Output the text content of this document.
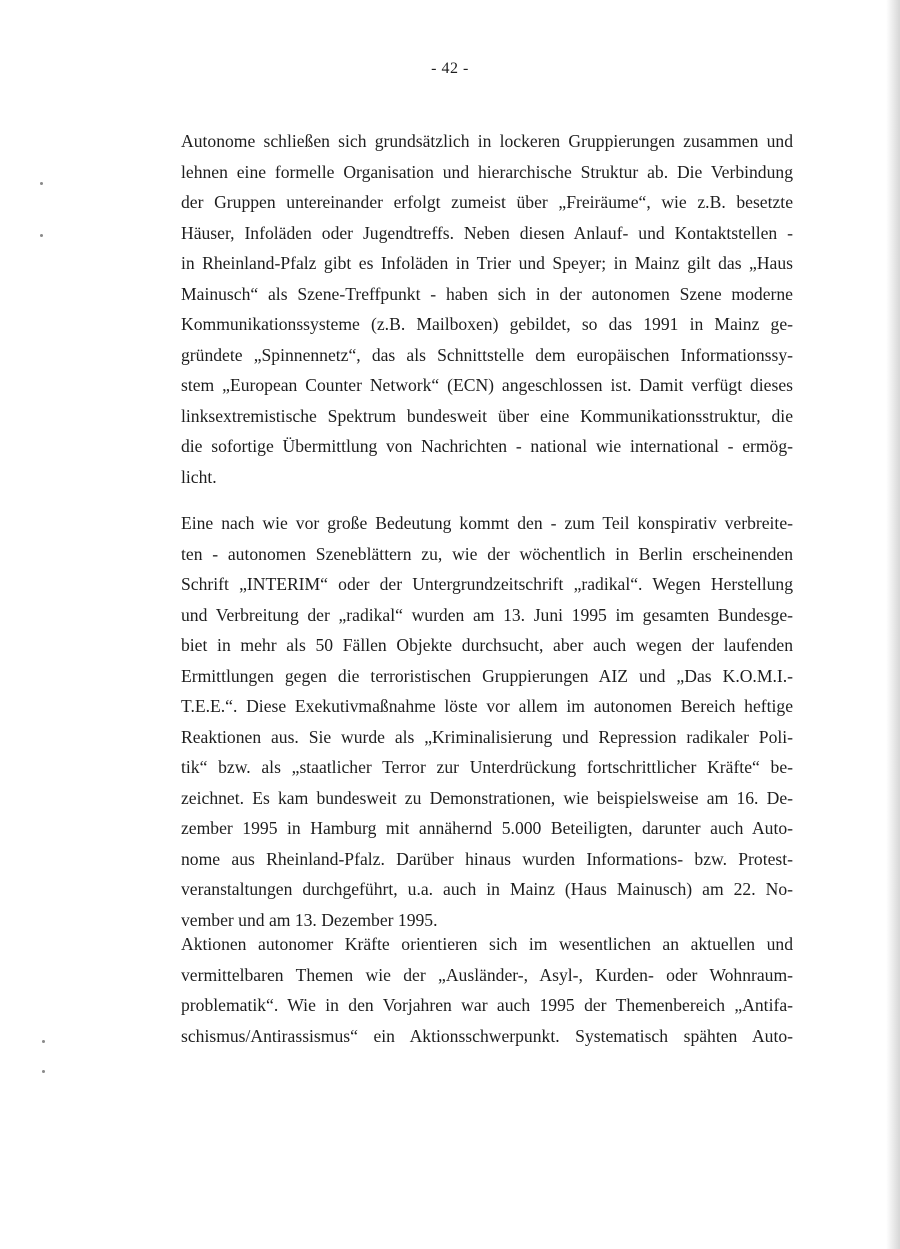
- 42 -
Autonome schließen sich grundsätzlich in lockeren Gruppierungen zusammen und
lehnen eine formelle Organisation und hierarchische Struktur ab. Die Verbindung
der Gruppen untereinander erfolgt zumeist über „Freiräume“, wie z.B. besetzte
Häuser, Infoläden oder Jugendtreffs. Neben diesen Anlauf- und Kontaktstellen -
in Rheinland-Pfalz gibt es Infoläden in Trier und Speyer; in Mainz gilt das „Haus
Mainusch“ als Szene-Treffpunkt - haben sich in der autonomen Szene moderne
Kommunikationssysteme (z.B. Mailboxen) gebildet, so das 1991 in Mainz ge-
gründete „Spinnennetz“, das als Schnittstelle dem europäischen Informationssy-
stem „European Counter Network“ (ECN) angeschlossen ist. Damit verfügt dieses
linksextremistische Spektrum bundesweit über eine Kommunikationsstruktur, die
die sofortige Übermittlung von Nachrichten - national wie international - ermög-
licht.
Eine nach wie vor große Bedeutung kommt den - zum Teil konspirativ verbreite-
ten - autonomen Szeneblättern zu, wie der wöchentlich in Berlin erscheinenden
Schrift „INTERIM“ oder der Untergrundzeitschrift „radikal“. Wegen Herstellung
und Verbreitung der „radikal“ wurden am 13. Juni 1995 im gesamten Bundesge-
biet in mehr als 50 Fällen Objekte durchsucht, aber auch wegen der laufenden
Ermittlungen gegen die terroristischen Gruppierungen AIZ und „Das K.O.M.I.-
T.E.E.“. Diese Exekutivmaßnahme löste vor allem im autonomen Bereich heftige
Reaktionen aus. Sie wurde als „Kriminalisierung und Repression radikaler Poli-
tik“ bzw. als „staatlicher Terror zur Unterdrückung fortschrittlicher Kräfte“ be-
zeichnet. Es kam bundesweit zu Demonstrationen, wie beispielsweise am 16. De-
zember 1995 in Hamburg mit annähernd 5.000 Beteiligten, darunter auch Auto-
nome aus Rheinland-Pfalz. Darüber hinaus wurden Informations- bzw. Protest-
veranstaltungen durchgeführt, u.a. auch in Mainz (Haus Mainusch) am 22. No-
vember und am 13. Dezember 1995.
Aktionen autonomer Kräfte orientieren sich im wesentlichen an aktuellen und
vermittelbaren Themen wie der „Ausländer-, Asyl-, Kurden- oder Wohnraum-
problematik“. Wie in den Vorjahren war auch 1995 der Themenbereich „Antifa-
schismus/Antirassismus“ ein Aktionsschwerpunkt. Systematisch spähten Auto-
